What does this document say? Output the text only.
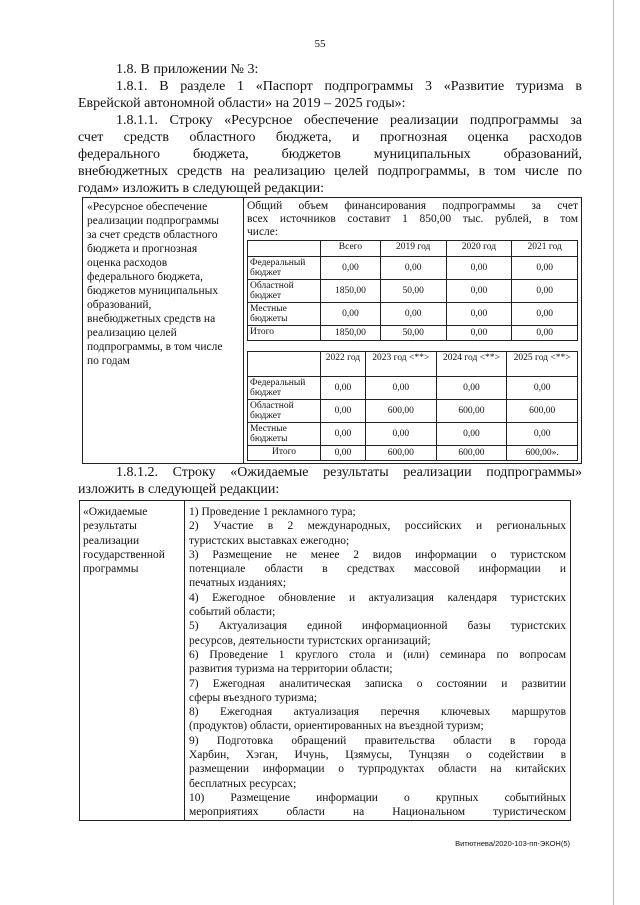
55
1.8. В приложении № 3:
1.8.1. В разделе 1 «Паспорт подпрограммы 3 «Развитие туризма в
Еврейской автономной области» на 2019 – 2025 годы»:
1.8.1.1. Строку «Ресурсное обеспечение реализации подпрограммы за
счет средств областного бюджета, и прогнозная оценка расходов
федерального бюджета, бюджетов муниципальных образований,
внебюджетных средств на реализацию целей подпрограммы, в том числе по
годам» изложить в следующей редакции:
«Ресурсное обеспечение
реализации подпрограммы
за счет средств областного
бюджета и прогнозная
оценка расходов
федерального бюджета,
бюджетов муниципальных
образований,
внебюджетных средств на
реализацию целей
подпрограммы, в том числе
по годам

Общий объем финансирования подпрограммы за счет
всех источников составит 1 850,00 тыс. рублей, в том
числе:
	Всего	2019 год	2020 год	2021 год
Федеральный бюджет	0,00	0,00	0,00	0,00
Областной бюджет	1850,00	50,00	0,00	0,00
Местные бюджеты	0,00	0,00	0,00	0,00
Итого	1850,00	50,00	0,00	0,00
	2022 год	2023 год <**>	2024 год <**>	2025 год <**>
Федеральный бюджет	0,00	0,00	0,00	0,00
Областной бюджет	0,00	600,00	600,00	600,00
Местные бюджеты	0,00	0,00	0,00	0,00
Итого	0,00	600,00	600,00	600,00».
1.8.1.2. Строку «Ожидаемые результаты реализации подпрограммы»
изложить в следующей редакции:
«Ожидаемые
результаты
реализации
государственной
программы

1) Проведение 1 рекламного тура;
2) Участие в 2 международных, российских и региональных
туристских выставках ежегодно;
3) Размещение не менее 2 видов информации о туристском
потенциале области в средствах массовой информации и
печатных изданиях;
4) Ежегодное обновление и актуализация календаря туристских
событий области;
5) Актуализация единой информационной базы туристских
ресурсов, деятельности туристских организаций;
6) Проведение 1 круглого стола и (или) семинара по вопросам
развития туризма на территории области;
7) Ежегодная аналитическая записка о состоянии и развитии
сферы въездного туризма;
8) Ежегодная актуализация перечня ключевых маршрутов
(продуктов) области, ориентированных на въездной туризм;
9) Подготовка обращений правительства области в города
Харбин, Хэган, Ичунь, Цзямусы, Тунцзян о содействии в
размещении информации о турпродуктах области на китайских
бесплатных ресурсах;
10) Размещение информации о крупных событийных
мероприятиях области на Национальном туристическом
Витютнева/2020-103-пп-ЭКОН(5)
